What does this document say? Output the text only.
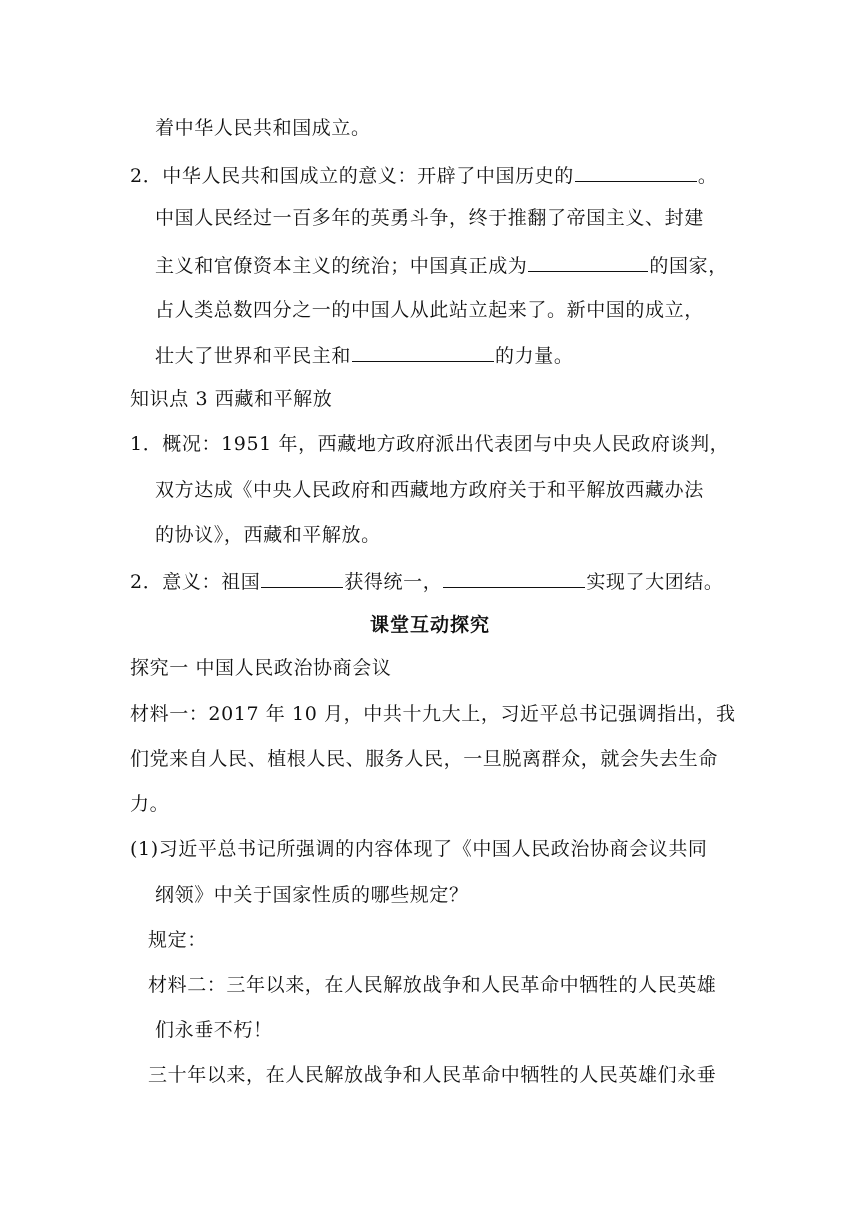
着中华人民共和国成立。
2．中华人民共和国成立的意义：开辟了中国历史的	。
中国人民经过一百多年的英勇斗争，终于推翻了帝国主义、封建
主义和官僚资本主义的统治；中国真正成为	的国家，
占人类总数四分之一的中国人从此站立起来了。新中国的成立，
壮大了世界和平民主和	的力量。
知识点 3 西藏和平解放
1．概况：1951 年，西藏地方政府派出代表团与中央人民政府谈判，
双方达成《中央人民政府和西藏地方政府关于和平解放西藏办法
的协议》，西藏和平解放。
2．意义：祖国	获得统一，	实现了大团结。
课堂互动探究
探究一 中国人民政治协商会议
材料一：2017 年 10 月，中共十九大上，习近平总书记强调指出，我
们党来自人民、植根人民、服务人民，一旦脱离群众，就会失去生命
力。
(1)习近平总书记所强调的内容体现了《中国人民政治协商会议共同
纲领》中关于国家性质的哪些规定？
规定：
材料二：三年以来，在人民解放战争和人民革命中牺牲的人民英雄
们永垂不朽！
三十年以来，在人民解放战争和人民革命中牺牲的人民英雄们永垂
